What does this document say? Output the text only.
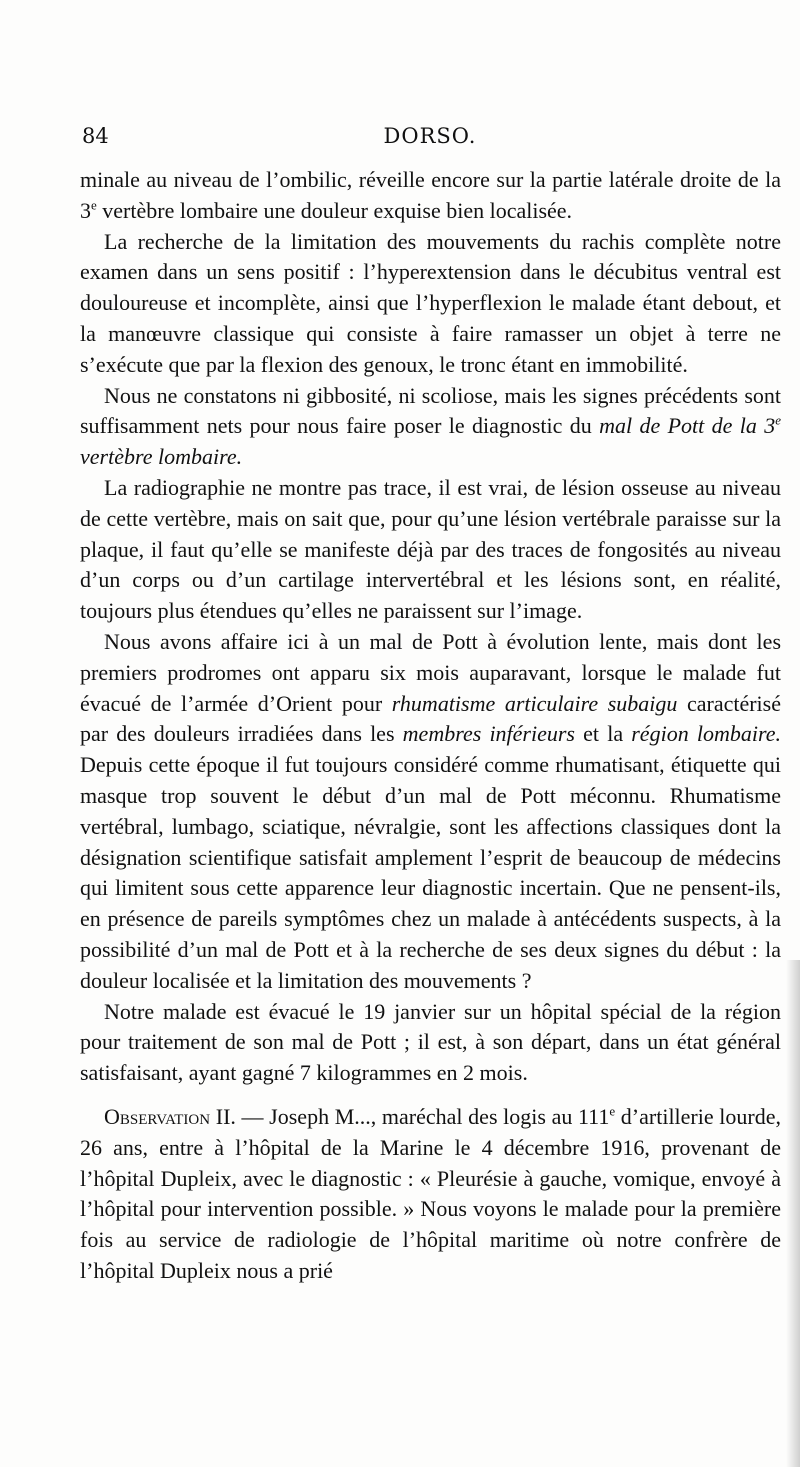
84	DORSO.

minale au niveau de l’ombilic, réveille encore sur la partie latérale droite de la 3e vertèbre lombaire une douleur exquise bien localisée.

La recherche de la limitation des mouvements du rachis complète notre examen dans un sens positif : l’hyperextension dans le décubitus ventral est douloureuse et incomplète, ainsi que l’hyperflexion le malade étant debout, et la manœuvre classique qui consiste à faire ramasser un objet à terre ne s’exécute que par la flexion des genoux, le tronc étant en immobilité.

Nous ne constatons ni gibbosité, ni scoliose, mais les signes précédents sont suffisamment nets pour nous faire poser le diagnostic du mal de Pott de la 3e vertèbre lombaire.

La radiographie ne montre pas trace, il est vrai, de lésion osseuse au niveau de cette vertèbre, mais on sait que, pour qu’une lésion vertébrale paraisse sur la plaque, il faut qu’elle se manifeste déjà par des traces de fongosités au niveau d’un corps ou d’un cartilage intervertébral et les lésions sont, en réalité, toujours plus étendues qu’elles ne paraissent sur l’image.

Nous avons affaire ici à un mal de Pott à évolution lente, mais dont les premiers prodromes ont apparu six mois auparavant, lorsque le malade fut évacué de l’armée d’Orient pour rhumatisme articulaire subaigu caractérisé par des douleurs irradiées dans les membres inférieurs et la région lombaire. Depuis cette époque il fut toujours considéré comme rhumatisant, étiquette qui masque trop souvent le début d’un mal de Pott méconnu. Rhumatisme vertébral, lumbago, sciatique, névralgie, sont les affections classiques dont la désignation scientifique satisfait amplement l’esprit de beaucoup de médecins qui limitent sous cette apparence leur diagnostic incertain. Que ne pensent-ils, en présence de pareils symptômes chez un malade à antécédents suspects, à la possibilité d’un mal de Pott et à la recherche de ses deux signes du début : la douleur localisée et la limitation des mouvements ?

Notre malade est évacué le 19 janvier sur un hôpital spécial de la région pour traitement de son mal de Pott ; il est, à son départ, dans un état général satisfaisant, ayant gagné 7 kilogrammes en 2 mois.

Observation II. — Joseph M..., maréchal des logis au 111e d’artillerie lourde, 26 ans, entre à l’hôpital de la Marine le 4 décembre 1916, provenant de l’hôpital Dupleix, avec le diagnostic : « Pleurésie à gauche, vomique, envoyé à l’hôpital pour intervention possible. » Nous voyons le malade pour la première fois au service de radiologie de l’hôpital maritime où notre confrère de l’hôpital Dupleix nous a prié
